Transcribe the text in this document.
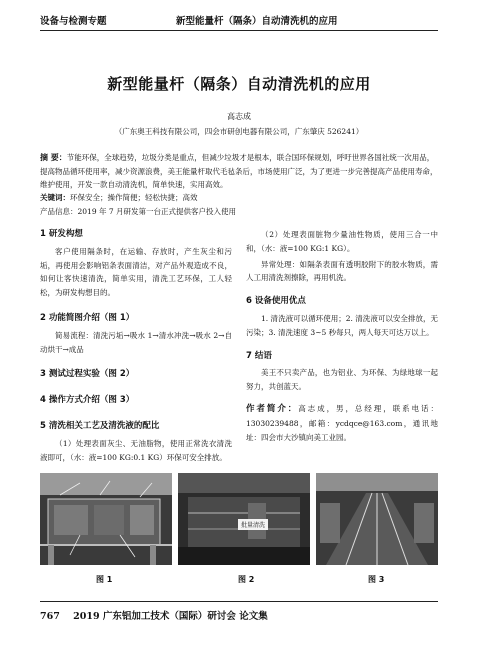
设备与检测专题	新型能量杆（隔条）自动清洗机的应用
新型能量杆（隔条）自动清洗机的应用
高志成
（广东奥王科技有限公司，四会市研创电器有限公司，广东肇庆 526241）
摘 要：节能环保，全球趋势，垃圾分类是重点，但减少垃圾才是根本，联合国环保规划，呼吁世界各国社统一次用品，提高物品循环使用率，减少资源浪费，美王能量杆取代毛毡条后，市场使用广泛，为了更进一步完善提高产品使用寿命，维护使用，开发一款自动清洗机，简单快速，实用高效。
关键词：环保安全；操作简便；轻松快捷；高效
产品信息：2019 年 7 月研发第一台正式提供客户投入使用
1 研发构想

客户使用隔条时，在运输、存放时，产生灰尘和污垢，再使用会影响铝条表面清洁，对产品外观造成不良，如何让客快速清洗，简单实用，清洗工艺环保，工人轻松，为研发构想目的。

2 功能简图介绍（图 1）

简易流程：清洗污垢→吸水 1→清水冲洗→吸水 2→自动烘干→成品

3 测试过程实验（图 2）
4 操作方式介绍（图 3）
5 清洗相关工艺及清洗液的配比

（1）处理表面灰尘、无油脂物，使用正常洗衣清洗液即可，（水：液=100 KG:0.1 KG）环保可安全排放。

（2）处理表面脏物少量油性物质，使用三合一中和，（水：液=100 KG:1 KG）。

异常处理：如隔条表面有透明胶附下的胶水物质，需人工用清洗剂擦除，再用机洗。

6 设备使用优点

1. 清洗液可以循环使用；2. 清洗液可以安全排放，无污染；3. 清洗速度 3~5 秒每只，两人每天可达万以上。

7 结语

美王不只卖产品，也为铝业、为环保、为绿地球一起努力，共创蓝天。

作者简介：高志成，男，总经理，联系电话：13030239488，邮箱：ycdqce@163.com，通讯地址：四会市大沙镇向美工业园。
图 1
批量清洗
图 2	图 3
767 2019 广东铝加工技术（国际）研讨会 论文集
